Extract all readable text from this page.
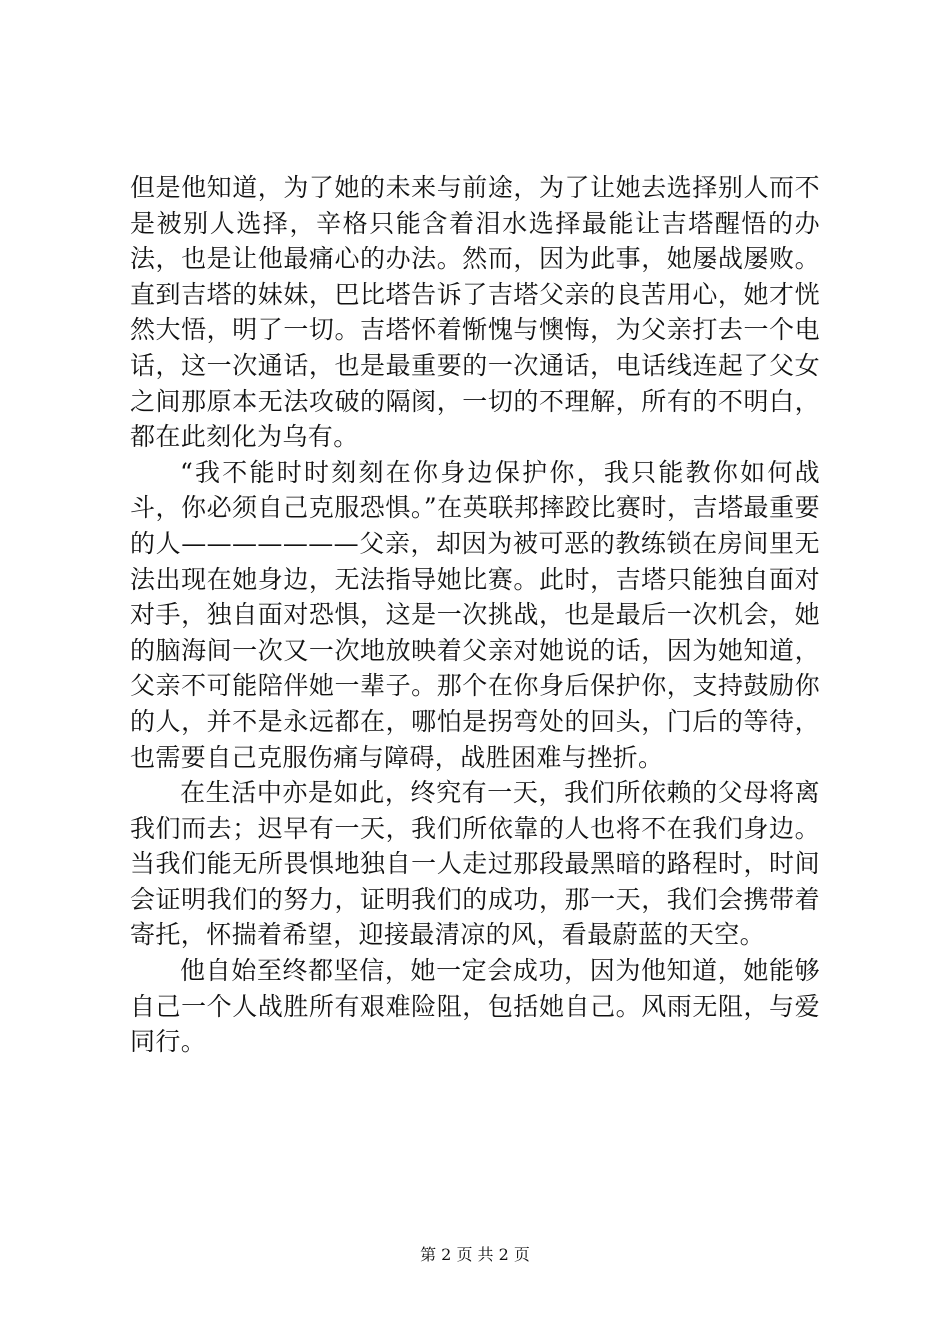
但是他知道，为了她的未来与前途，为了让她去选择别人而不是被别人选择，辛格只能含着泪水选择最能让吉塔醒悟的办法，也是让他最痛心的办法。然而，因为此事，她屡战屡败。直到吉塔的妹妹，巴比塔告诉了吉塔父亲的良苦用心，她才恍然大悟，明了一切。吉塔怀着惭愧与懊悔，为父亲打去一个电话，这一次通话，也是最重要的一次通话，电话线连起了父女之间那原本无法攻破的隔阂，一切的不理解，所有的不明白，都在此刻化为乌有。

“我不能时时刻刻在你身边保护你，我只能教你如何战斗，你必须自己克服恐惧。”在英联邦摔跤比赛时，吉塔最重要的人———————父亲，却因为被可恶的教练锁在房间里无法出现在她身边，无法指导她比赛。此时，吉塔只能独自面对对手，独自面对恐惧，这是一次挑战，也是最后一次机会，她的脑海间一次又一次地放映着父亲对她说的话，因为她知道，父亲不可能陪伴她一辈子。那个在你身后保护你，支持鼓励你的人，并不是永远都在，哪怕是拐弯处的回头，门后的等待，也需要自己克服伤痛与障碍，战胜困难与挫折。

在生活中亦是如此，终究有一天，我们所依赖的父母将离我们而去；迟早有一天，我们所依靠的人也将不在我们身边。当我们能无所畏惧地独自一人走过那段最黑暗的路程时，时间会证明我们的努力，证明我们的成功，那一天，我们会携带着寄托，怀揣着希望，迎接最清凉的风，看最蔚蓝的天空。

他自始至终都坚信，她一定会成功，因为他知道，她能够自己一个人战胜所有艰难险阻，包括她自己。风雨无阻，与爱同行。

第 2 页 共 2 页
